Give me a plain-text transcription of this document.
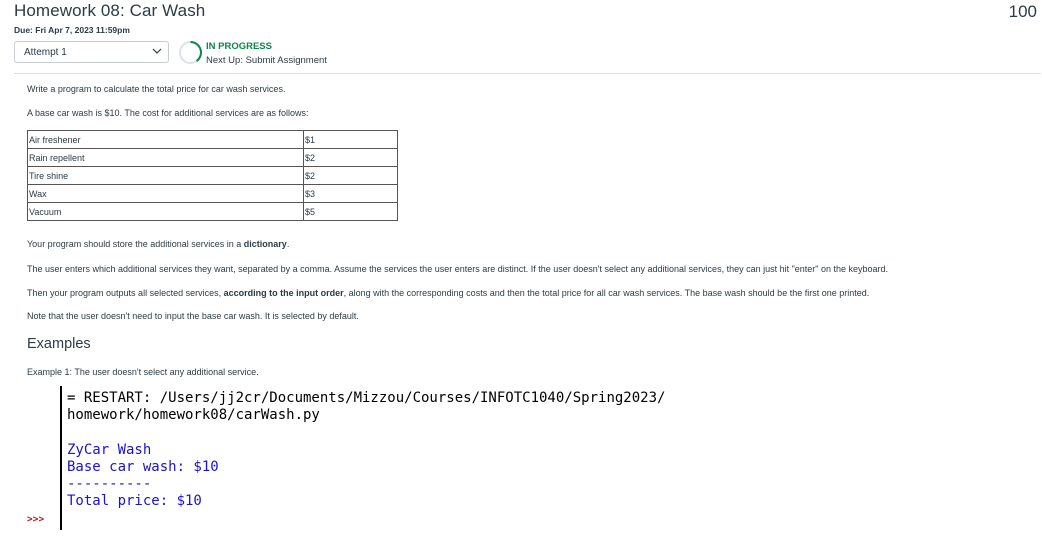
Homework 08: Car Wash	100
Due: Fri Apr 7, 2023 11:59pm
Attempt 1
IN PROGRESS
Next Up: Submit Assignment
Write a program to calculate the total price for car wash services.
A base car wash is $10. The cost for additional services are as follows:
Air freshener	$1
Rain repellent	$2
Tire shine	$2
Wax	$3
Vacuum	$5
Your program should store the additional services in a dictionary.
The user enters which additional services they want, separated by a comma. Assume the services the user enters are distinct. If the user doesn't select any additional services, they can just hit "enter" on the keyboard.
Then your program outputs all selected services, according to the input order, along with the corresponding costs and then the total price for all car wash services. The base wash should be the first one printed.
Note that the user doesn't need to input the base car wash. It is selected by default.
Examples
Example 1: The user doesn't select any additional service.
= RESTART: /Users/jj2cr/Documents/Mizzou/Courses/INFOTC1040/Spring2023/
homework/homework08/carWash.py
ZyCar Wash
Base car wash: $10
----------
Total price: $10
>>>
